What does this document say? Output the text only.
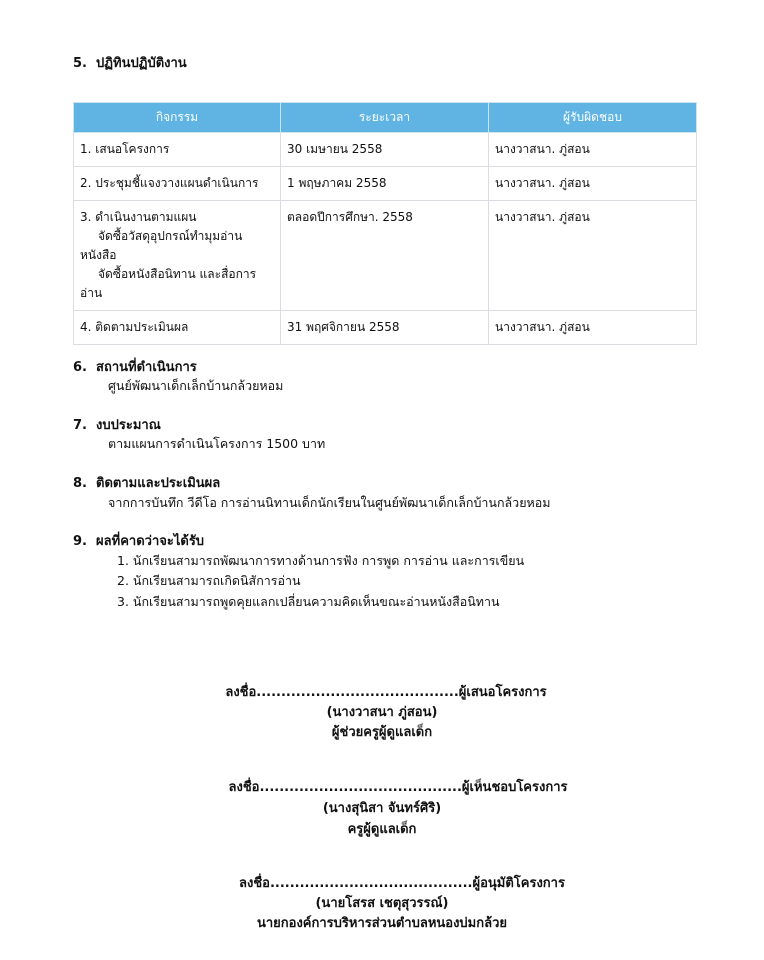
5. ปฏิทินปฏิบัติงาน
กิจกรรม	ระยะเวลา	ผู้รับผิดชอบ
1. เสนอโครงการ	30 เมษายน 2558	นางวาสนา. ภู่สอน
2. ประชุมชี้แจงวางแผนดำเนินการ	1 พฤษภาคม 2558	นางวาสนา. ภู่สอน

3. ดำเนินงานตามแผน
จัดซื้อวัสดุอุปกรณ์ทำมุมอ่าน
หนังสือ
จัดซื้อหนังสือนิทาน และสื่อการ
อ่าน	ตลอดปีการศึกษา. 2558	นางวาสนา. ภู่สอน
4. ติดตามประเมินผล	31 พฤศจิกายน 2558	นางวาสนา. ภู่สอน
6. สถานที่ดำเนินการ
ศูนย์พัฒนาเด็กเล็กบ้านกล้วยหอม
7. งบประมาณ
ตามแผนการดำเนินโครงการ 1500 บาท
8. ติดตามและประเมินผล
จากการบันทึก วีดีโอ การอ่านนิทานเด็กนักเรียนในศูนย์พัฒนาเด็กเล็กบ้านกล้วยหอม
9. ผลที่คาดว่าจะได้รับ
1. นักเรียนสามารถพัฒนาการทางด้านการฟัง การพูด การอ่าน และการเขียน
2. นักเรียนสามารถเกิดนิสัการอ่าน
3. นักเรียนสามารถพูดคุยแลกเปลี่ยนความคิดเห็นขณะอ่านหนังสือนิทาน
ลงชื่อ.........................................ผู้เสนอโครงการ
(นางวาสนา ภู่สอน)
ผู้ช่วยครูผู้ดูแลเด็ก
ลงชื่อ.........................................ผู้เห็นชอบโครงการ
(นางสุนิสา จันทร์ศิริ)
ครูผู้ดูแลเด็ก
ลงชื่อ.........................................ผู้อนุมัติโครงการ
(นายโสรส เชตุสุวรรณ์)
นายกองค์การบริหารส่วนตำบลหนองบ่มกล้วย
